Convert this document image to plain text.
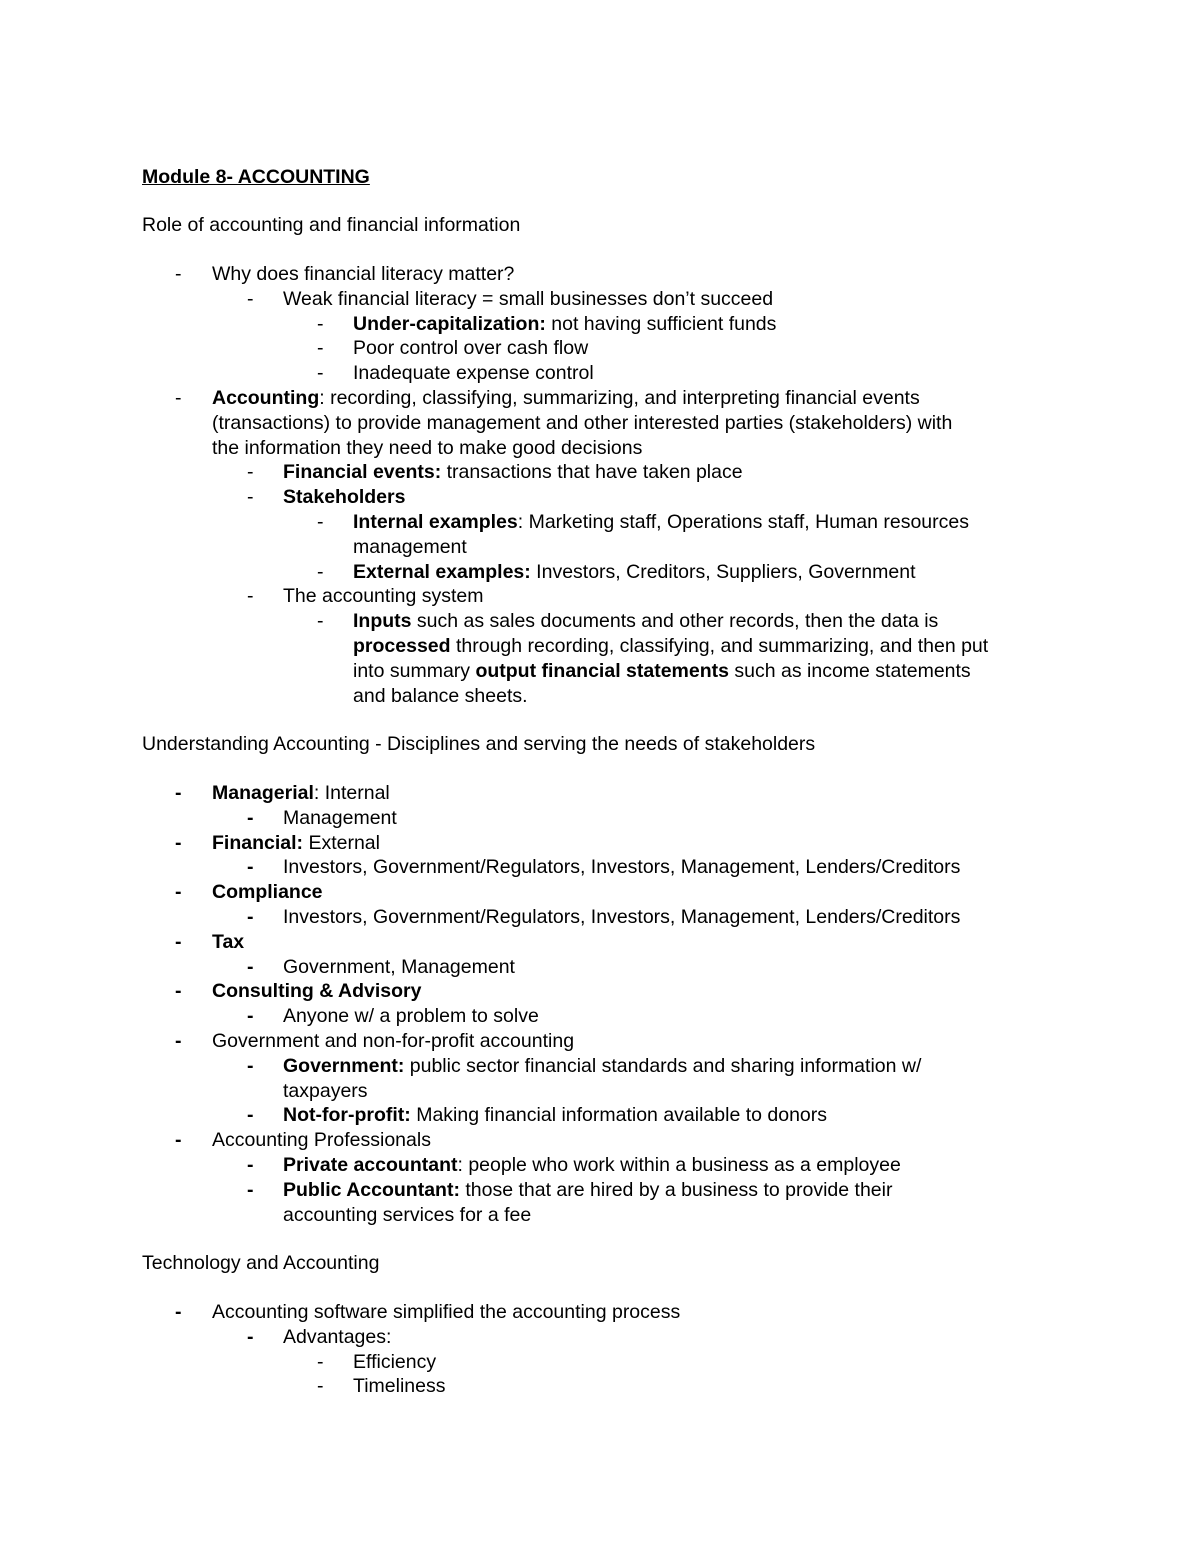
Module 8- ACCOUNTING
Role of accounting and financial information
- Why does financial literacy matter?
- Weak financial literacy = small businesses don’t succeed
- Under-capitalization: not having sufficient funds
- Poor control over cash flow
- Inadequate expense control
- Accounting: recording, classifying, summarizing, and interpreting financial events
(transactions) to provide management and other interested parties (stakeholders) with
the information they need to make good decisions
- Financial events: transactions that have taken place
- Stakeholders
- Internal examples: Marketing staff, Operations staff, Human resources
management
- External examples: Investors, Creditors, Suppliers, Government
- The accounting system
- Inputs such as sales documents and other records, then the data is
processed through recording, classifying, and summarizing, and then put
into summary output financial statements such as income statements
and balance sheets.
Understanding Accounting - Disciplines and serving the needs of stakeholders
- Managerial: Internal
- Management
- Financial: External
- Investors, Government/Regulators, Investors, Management, Lenders/Creditors
- Compliance
- Investors, Government/Regulators, Investors, Management, Lenders/Creditors
- Tax
- Government, Management
- Consulting & Advisory
- Anyone w/ a problem to solve
- Government and non-for-profit accounting
- Government: public sector financial standards and sharing information w/
taxpayers
- Not-for-profit: Making financial information available to donors
- Accounting Professionals
- Private accountant: people who work within a business as a employee
- Public Accountant: those that are hired by a business to provide their
accounting services for a fee
Technology and Accounting
- Accounting software simplified the accounting process
- Advantages:
- Efficiency
- Timeliness
